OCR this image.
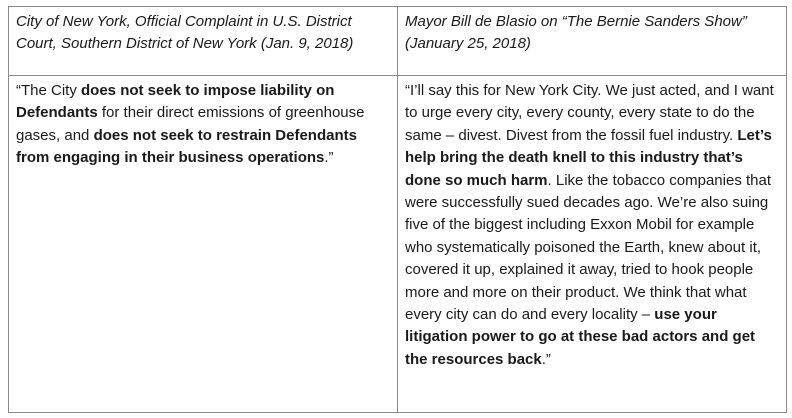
City of New York, Official Complaint in U.S. District Court, Southern District of New York (Jan. 9, 2018)	Mayor Bill de Blasio on “The Bernie Sanders Show” (January 25, 2018)
“The City does not seek to impose liability on Defendants for their direct emissions of greenhouse gases, and does not seek to restrain Defendants from engaging in their business operations.”	“I’ll say this for New York City. We just acted, and I want to urge every city, every county, every state to do the same – divest. Divest from the fossil fuel industry. Let’s help bring the death knell to this industry that’s done so much harm. Like the tobacco companies that were successfully sued decades ago. We’re also suing five of the biggest including Exxon Mobil for example who systematically poisoned the Earth, knew about it, covered it up, explained it away, tried to hook people more and more on their product. We think that what every city can do and every locality – use your litigation power to go at these bad actors and get the resources back.”
